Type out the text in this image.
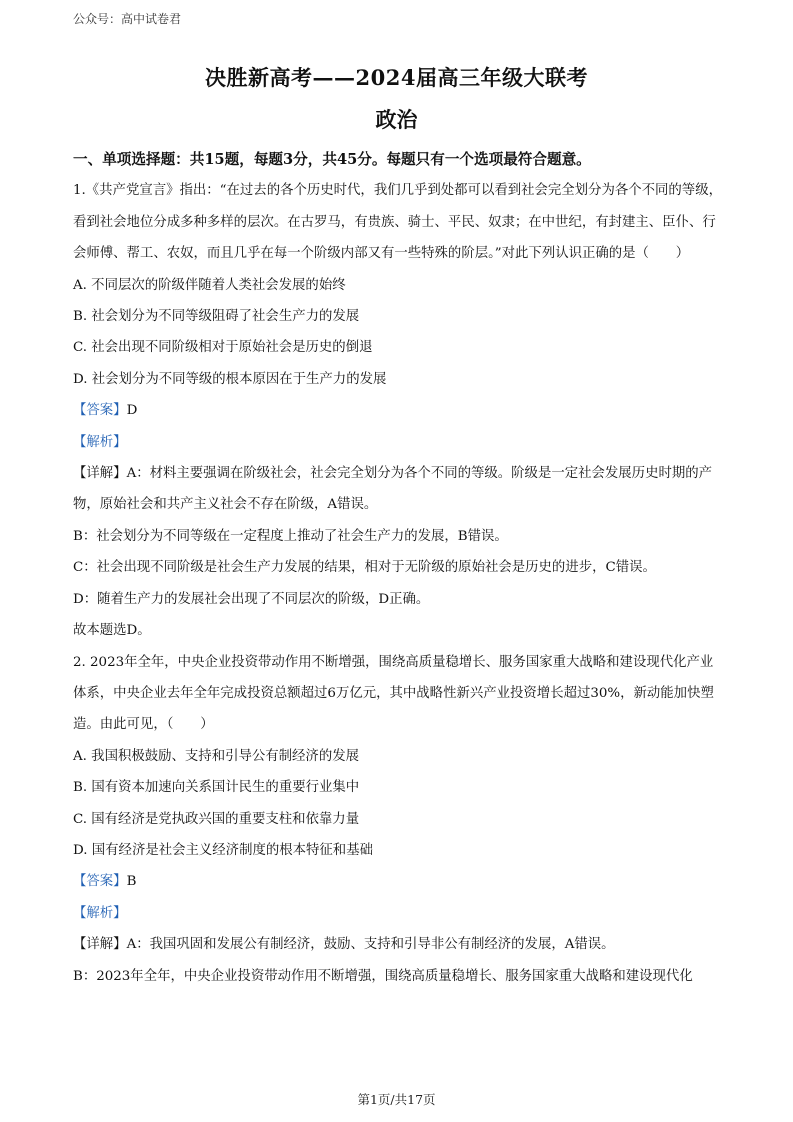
公众号：高中试卷君
决胜新高考——2024届高三年级大联考
政治

一、单项选择题：共15题，每题3分，共45分。每题只有一个选项最符合题意。

1.《共产党宣言》指出：“在过去的各个历史时代，我们几乎到处都可以看到社会完全划分为各个不同的等级，看到社会地位分成多种多样的层次。在古罗马，有贵族、骑士、平民、奴隶；在中世纪，有封建主、臣仆、行会师傅、帮工、农奴，而且几乎在每一个阶级内部又有一些特殊的阶层。”对此下列认识正确的是（　　）

A. 不同层次的阶级伴随着人类社会发展的始终

B. 社会划分为不同等级阻碍了社会生产力的发展

C. 社会出现不同阶级相对于原始社会是历史的倒退

D. 社会划分为不同等级的根本原因在于生产力的发展

【答案】D

【解析】

【详解】A：材料主要强调在阶级社会，社会完全划分为各个不同的等级。阶级是一定社会发展历史时期的产物，原始社会和共产主义社会不存在阶级，A错误。

B：社会划分为不同等级在一定程度上推动了社会生产力的发展，B错误。

C：社会出现不同阶级是社会生产力发展的结果，相对于无阶级的原始社会是历史的进步，C错误。

D：随着生产力的发展社会出现了不同层次的阶级，D正确。

故本题选D。

2. 2023年全年，中央企业投资带动作用不断增强，围绕高质量稳增长、服务国家重大战略和建设现代化产业体系，中央企业去年全年完成投资总额超过6万亿元，其中战略性新兴产业投资增长超过30%，新动能加快塑造。由此可见，（　　）

A. 我国积极鼓励、支持和引导公有制经济的发展

B. 国有资本加速向关系国计民生的重要行业集中

C. 国有经济是党执政兴国的重要支柱和依靠力量

D. 国有经济是社会主义经济制度的根本特征和基础

【答案】B

【解析】

【详解】A：我国巩固和发展公有制经济，鼓励、支持和引导非公有制经济的发展，A错误。

B：2023年全年，中央企业投资带动作用不断增强，围绕高质量稳增长、服务国家重大战略和建设现代化

第1页/共17页
